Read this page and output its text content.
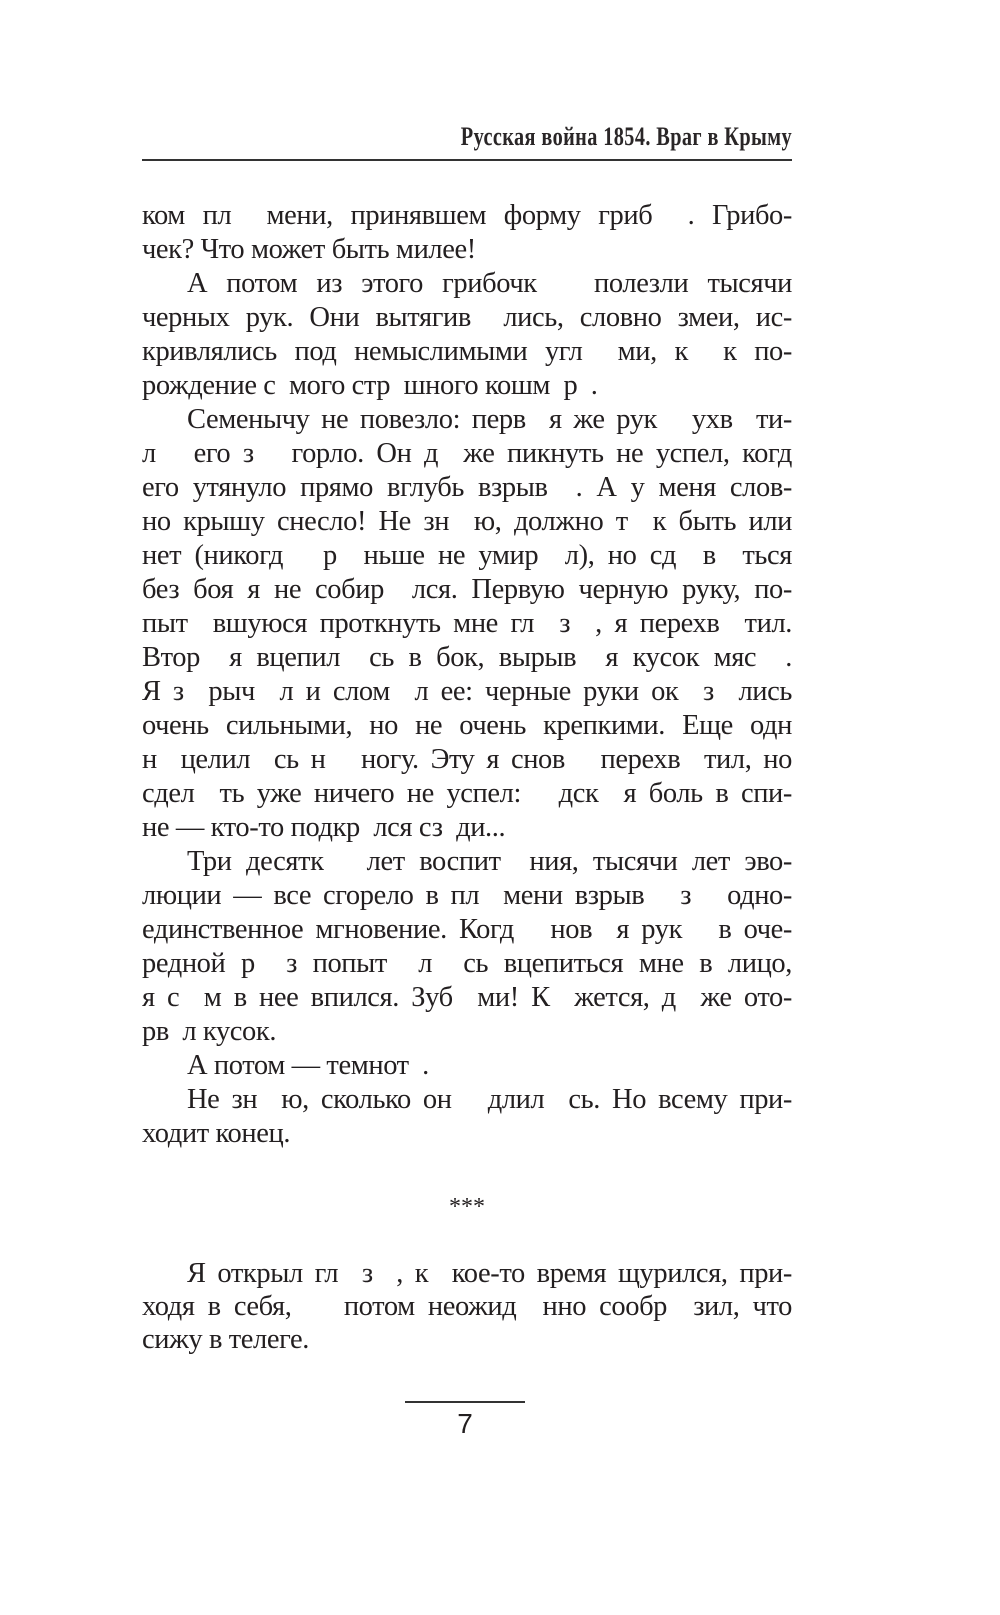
Русская война 1854. Враг в Крыму
ком пл  мени, принявшем форму гриб  . Грибо-
чек? Что может быть милее!
А потом из этого грибочк   полезли тысячи
черных рук. Они вытягив  лись, словно змеи, ис-
кривлялись под немыслимыми угл  ми, к  к по-
рождение с  мого стр  шного кошм  р  .
Семенычу не повезло: перв  я же рук   ухв  ти-
л   его з   горло. Он д  же пикнуть не успел, когд
его утянуло прямо вглубь взрыв  . А у меня слов-
но крышу снесло! Не зн  ю, должно т  к быть или
нет (никогд   р  ньше не умир  л), но сд  в  ться
без боя я не собир  лся. Первую черную руку, по-
пыт  вшуюся проткнуть мне гл  з  , я перехв  тил.
Втор  я вцепил  сь в бок, вырыв  я кусок мяс  .
Я з  рыч  л и слом  л ее: черные руки ок  з  лись
очень сильными, но не очень крепкими. Еще одн
н  целил  сь н   ногу. Эту я снов   перехв  тил, но
сдел  ть уже ничего не успел:   дск  я боль в спи-
не — кто-то подкр  лся сз  ди...
Три десятк   лет воспит  ния, тысячи лет эво-
люции — все сгорело в пл  мени взрыв   з   одно-
единственное мгновение. Когд   нов  я рук   в оче-
редной р  з попыт  л  сь вцепиться мне в лицо,
я с  м в нее впился. Зуб  ми! К  жется, д  же ото-
рв  л кусок.
А потом — темнот  .
Не зн  ю, сколько он   длил  сь. Но всему при-
ходит конец.
***
Я открыл гл  з  , к  кое-то время щурился, при-
ходя в себя,    потом неожид  нно сообр  зил, что
сижу в телеге.
7
